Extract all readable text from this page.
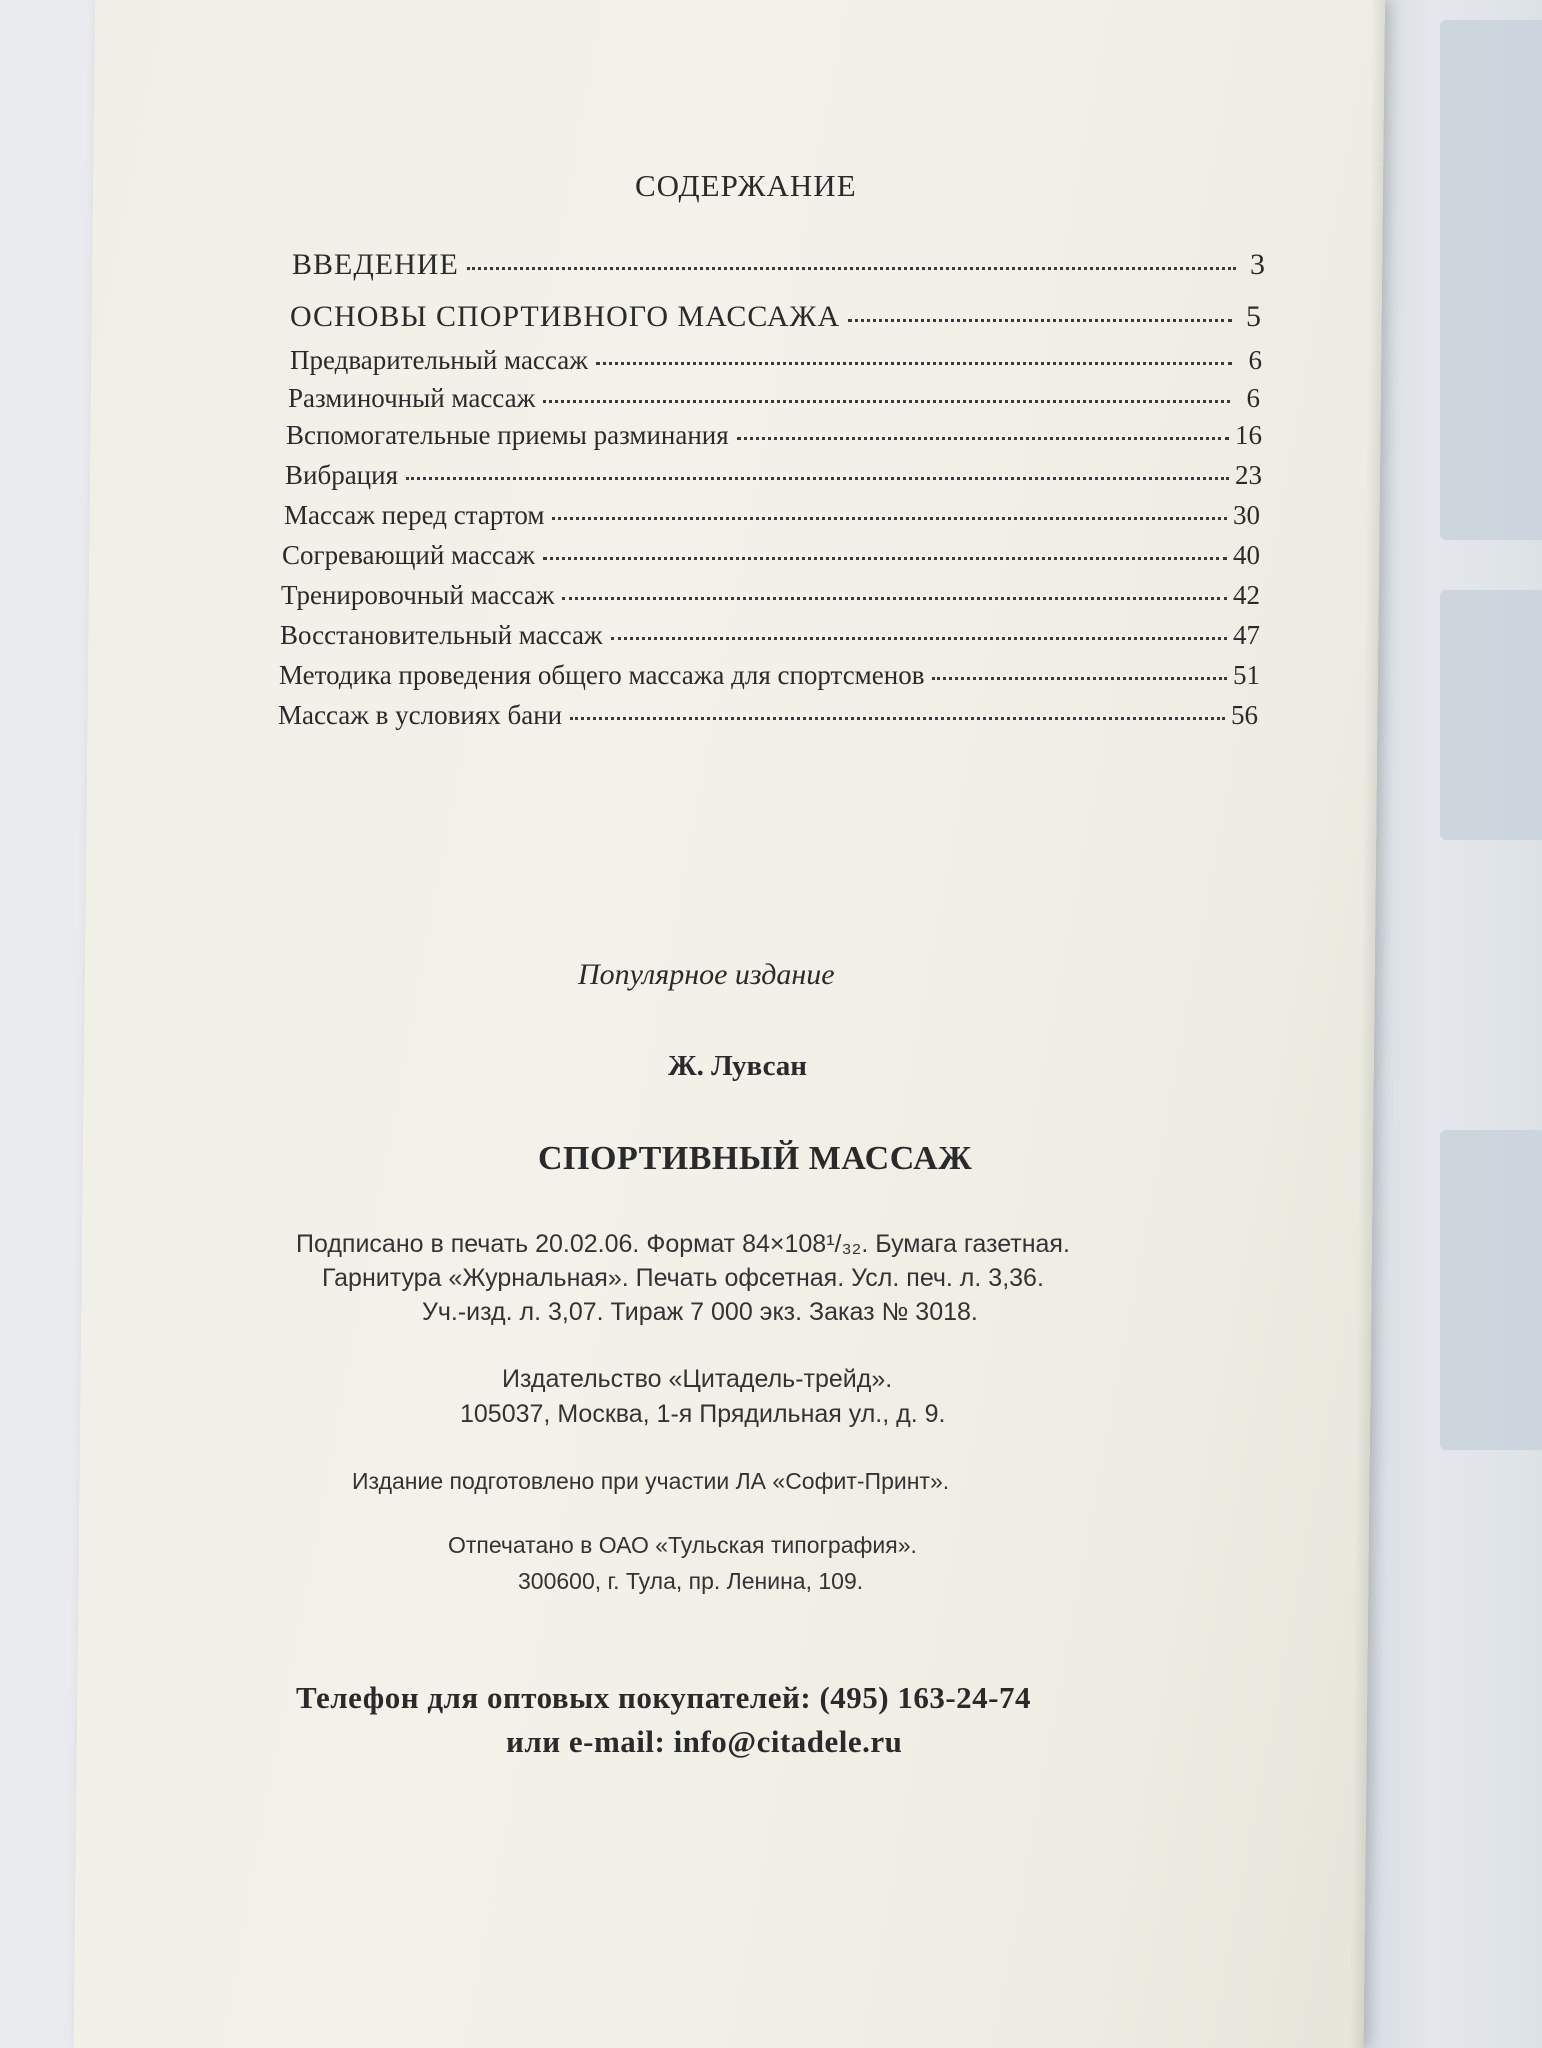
СОДЕРЖАНИЕ
ВВЕДЕНИЕ	3
ОСНОВЫ СПОРТИВНОГО МАССАЖА	5
Предварительный массаж	6
Разминочный массаж	6
Вспомогательные приемы разминания	16
Вибрация	23
Массаж перед стартом	30
Согревающий массаж	40
Тренировочный массаж	42
Восстановительный массаж	47
Методика проведения общего массажа для спортсменов	51
Массаж в условиях бани	56
Популярное издание
Ж. Лувсан
СПОРТИВНЫЙ МАССАЖ
Подписано в печать 20.02.06. Формат 84×108¹/₃₂. Бумага газетная.
Гарнитура «Журнальная». Печать офсетная. Усл. печ. л. 3,36.
Уч.-изд. л. 3,07. Тираж 7 000 экз. Заказ № 3018.
Издательство «Цитадель-трейд».
105037, Москва, 1-я Прядильная ул., д. 9.
Издание подготовлено при участии ЛА «Софит-Принт».
Отпечатано в ОАО «Тульская типография».
300600, г. Тула, пр. Ленина, 109.
Телефон для оптовых покупателей: (495) 163-24-74
или e-mail: info@citadele.ru
